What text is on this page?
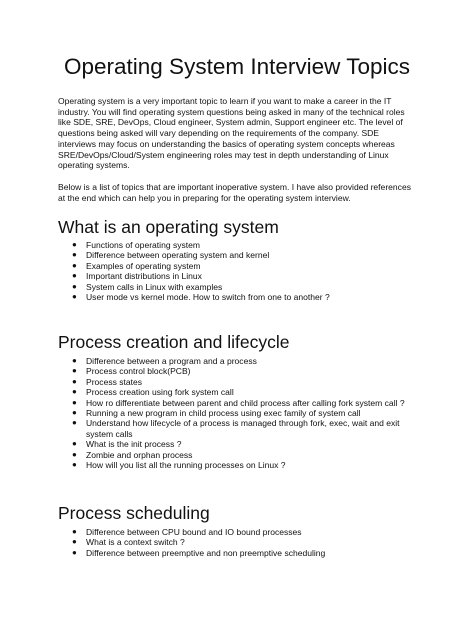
Operating System Interview Topics

Operating system is a very important topic to learn if you want to make a career in the IT industry. You will find operating system questions being asked in many of the technical roles like SDE, SRE, DevOps, Cloud engineer, System admin, Support engineer etc. The level of questions being asked will vary depending on the requirements of the company. SDE interviews may focus on understanding the basics of operating system concepts whereas SRE/DevOps/Cloud/System engineering roles may test in depth understanding of Linux operating systems.

Below is a list of topics that are important inoperative system. I have also provided references at the end which can help you in preparing for the operating system interview.

What is an operating system
● Functions of operating system
● Difference between operating system and kernel
● Examples of operating system
● Important distributions in Linux
● System calls in Linux with examples
● User mode vs kernel mode. How to switch from one to another ?
Process creation and lifecycle
● Difference between a program and a process
● Process control block(PCB)
● Process states
● Process creation using fork system call
● How ro differentiate between parent and child process after calling fork system call ?
● Running a new program in child process using exec family of system call
● Understand how lifecycle of a process is managed through fork, exec, wait and exit system calls
● What is the init process ?
● Zombie and orphan process
● How will you list all the running processes on Linux ?
Process scheduling
● Difference between CPU bound and IO bound processes
● What is a context switch ?
● Difference between preemptive and non preemptive scheduling
